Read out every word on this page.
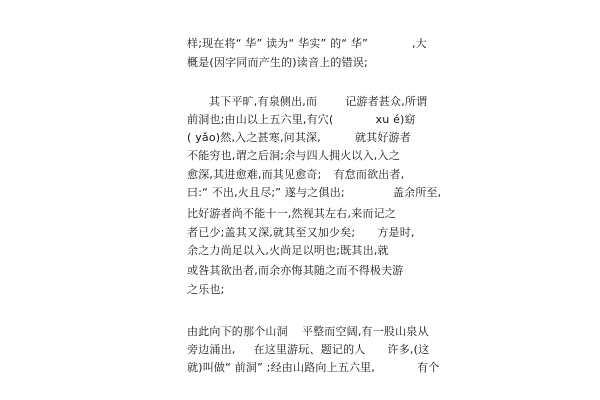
样;现在将“ 华” 读为“ 华实” 的“ 华”	,大
概是(因字同而产生的)读音上的错误;
其下平旷,有泉侧出,而	记游者甚众,所谓
前洞也;由山以上五六里,有穴(	xu é)窈
( yǎo)然,入之甚寒,问其深,	就其好游者
不能穷也,谓之后洞;余与四人拥火以入,入之
愈深,其进愈难,而其见愈奇; 有怠而欲出者,
曰:“ 不出,火且尽;” 遂与之俱出;	盖余所至,
比好游者尚不能十一,然视其左右,来而记之
者已少;盖其又深,就其至又加少矣; 方是时,
余之力尚足以入,火尚足以明也;既其出,就
或咎其欲出者,而余亦悔其随之而不得极夫游
之乐也;
由此向下的那个山洞 平整而空阔,有一股山泉从
旁边涌出, 在这里游玩、题记的人 许多,(这
就)叫做“ 前洞” ;经由山路向上五六里,	有个
